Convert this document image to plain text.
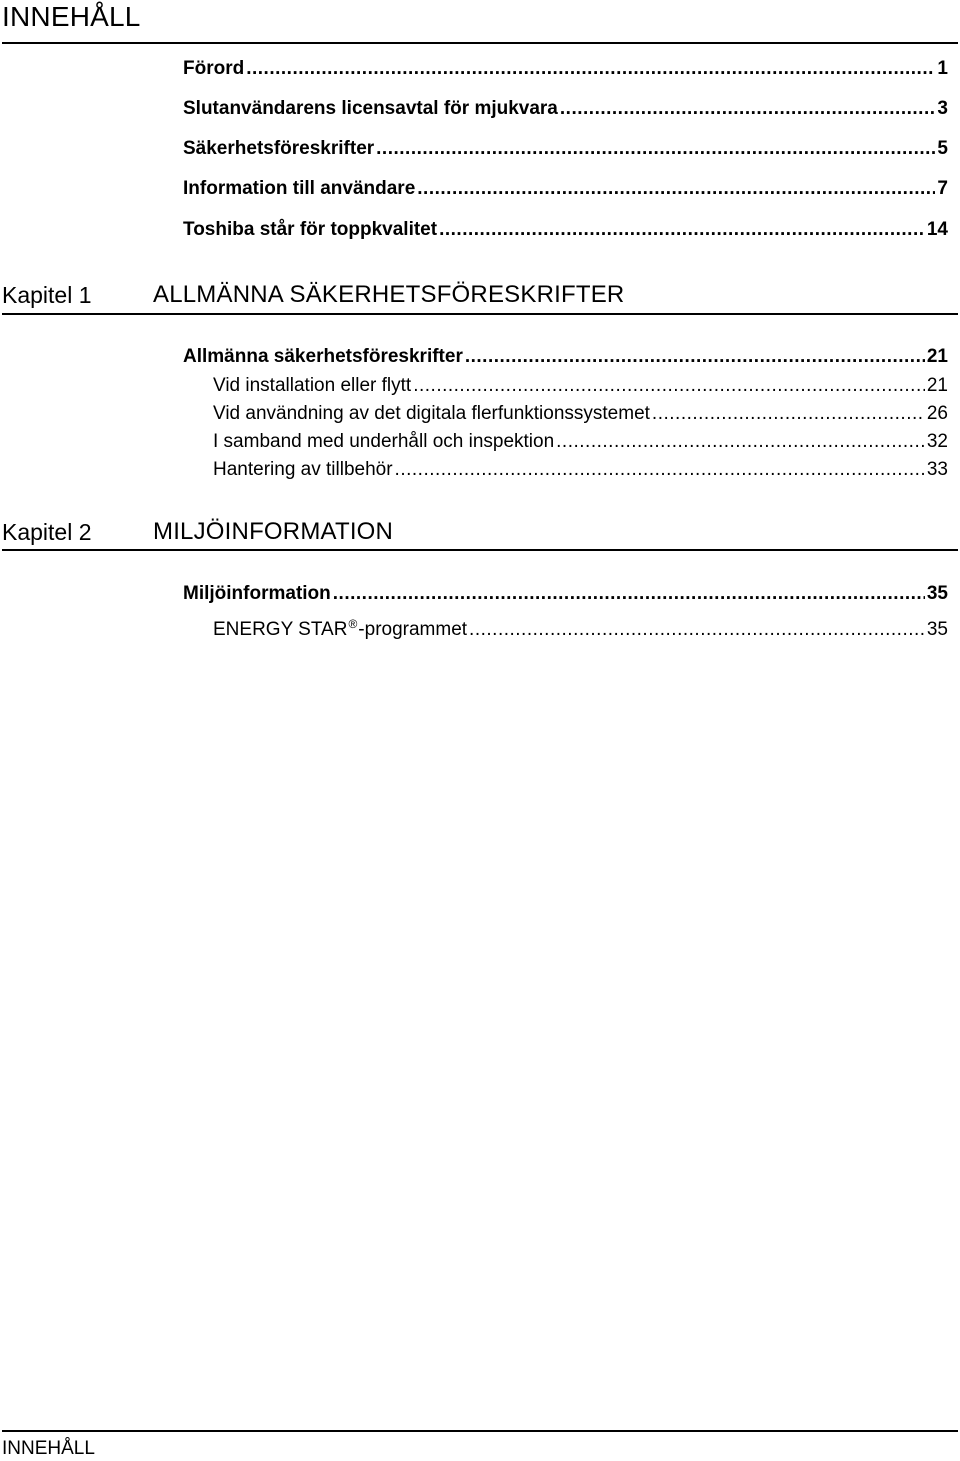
INNEHÅLL
Förord .....	1
Slutanvändarens licensavtal för mjukvara .....	3
Säkerhetsföreskrifter .....	5
Information till användare .....	7
Toshiba står för toppkvalitet .....	14
Kapitel 1	ALLMÄNNA SÄKERHETSFÖRESKRIFTER
Allmänna säkerhetsföreskrifter .....	21
Vid installation eller flytt .....	21
Vid användning av det digitala flerfunktionssystemet .....	26
I samband med underhåll och inspektion .....	32
Hantering av tillbehör .....	33
Kapitel 2	MILJÖINFORMATION
Miljöinformation .....	35
ENERGY STAR®-programmet .....	35
INNEHÅLL
